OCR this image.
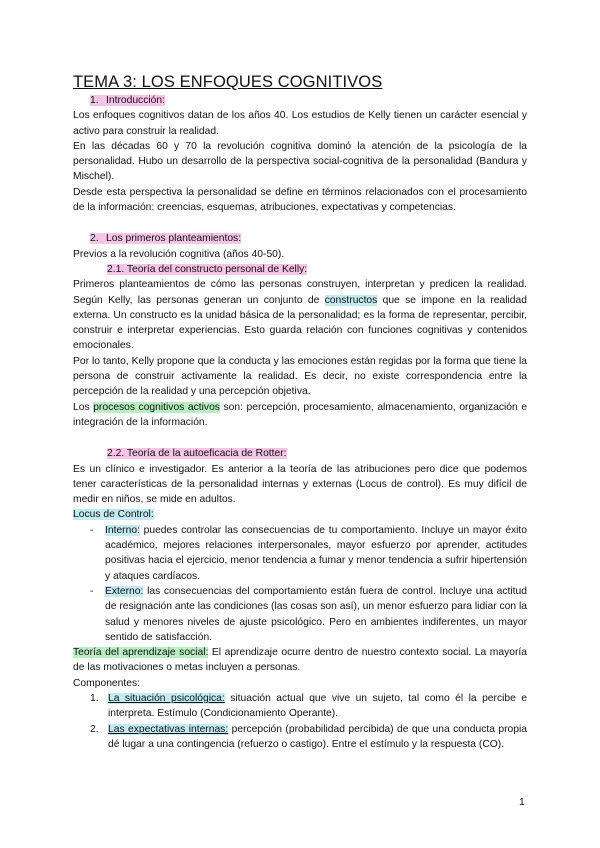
TEMA 3: LOS ENFOQUES COGNITIVOS
1. Introducción:

Los enfoques cognitivos datan de los años 40. Los estudios de Kelly tienen un carácter esencial y activo para construir la realidad.

En las décadas 60 y 70 la revolución cognitiva dominó la atención de la psicología de la personalidad. Hubo un desarrollo de la perspectiva social-cognitiva de la personalidad (Bandura y Mischel).

Desde esta perspectiva la personalidad se define en términos relacionados con el procesamiento de la información: creencias, esquemas, atribuciones, expectativas y competencias.

2. Los primeros planteamientos:

Previos a la revolución cognitiva (años 40-50).

2.1. Teoría del constructo personal de Kelly:

Primeros planteamientos de cómo las personas construyen, interpretan y predicen la realidad. Según Kelly, las personas generan un conjunto de constructos que se impone en la realidad externa. Un constructo es la unidad básica de la personalidad; es la forma de representar, percibir, construir e interpretar experiencias. Esto guarda relación con funciones cognitivas y contenidos emocionales.

Por lo tanto, Kelly propone que la conducta y las emociones están regidas por la forma que tiene la persona de construir activamente la realidad. Es decir, no existe correspondencia entre la percepción de la realidad y una percepción objetiva.

Los procesos cognitivos activos son: percepción, procesamiento, almacenamiento, organización e integración de la información.

2.2. Teoría de la autoeficacia de Rotter:

Es un clínico e investigador. Es anterior a la teoría de las atribuciones pero dice que podemos tener características de la personalidad internas y externas (Locus de control). Es muy difícil de medir en niños, se mide en adultos.

Locus de Control:
- Interno: puedes controlar las consecuencias de tu comportamiento. Incluye un mayor éxito académico, mejores relaciones interpersonales, mayor esfuerzo por aprender, actitudes positivas hacia el ejercicio, menor tendencia a fumar y menor tendencia a sufrir hipertensión y ataques cardíacos.
- Externo: las consecuencias del comportamiento están fuera de control. Incluye una actitud de resignación ante las condiciones (las cosas son así), un menor esfuerzo para lidiar con la salud y menores niveles de ajuste psicológico. Pero en ambientes indiferentes, un mayor sentido de satisfacción.

Teoría del aprendizaje social: El aprendizaje ocurre dentro de nuestro contexto social. La mayoría de las motivaciones o metas incluyen a personas.

Componentes:
1. La situación psicológica: situación actual que vive un sujeto, tal como él la percibe e interpreta. Estímulo (Condicionamiento Operante).
2. Las expectativas internas: percepción (probabilidad percibida) de que una conducta propia dé lugar a una contingencia (refuerzo o castigo). Entre el estímulo y la respuesta (CO).
1
